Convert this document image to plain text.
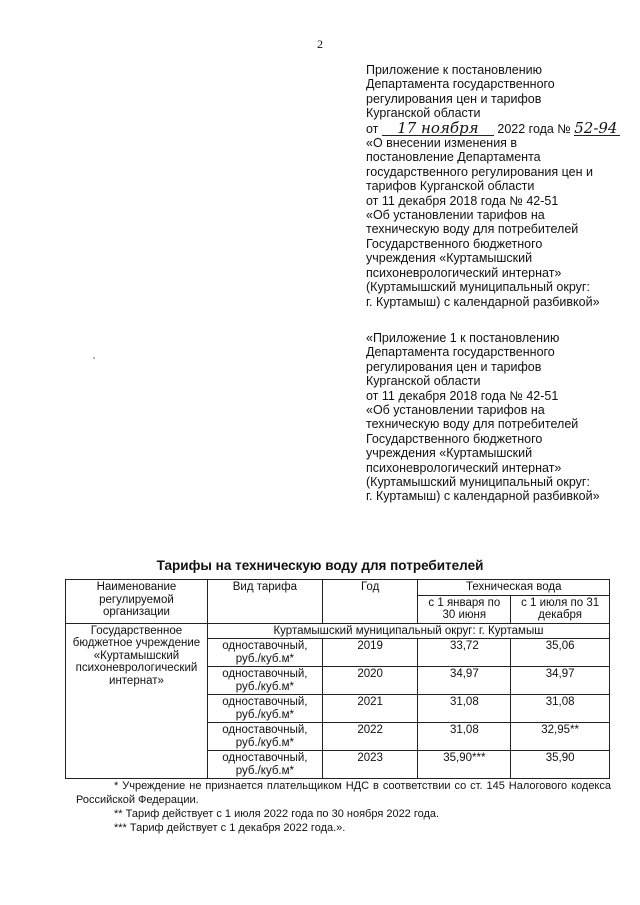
2
Приложение к постановлению
Департамента государственного
регулирования цен и тарифов
Курганской области
от 17 ноября 2022 года № 52-94
«О внесении изменения в
постановление Департамента
государственного регулирования цен и
тарифов Курганской области
от 11 декабря 2018 года № 42-51
«Об установлении тарифов на
техническую воду для потребителей
Государственного бюджетного
учреждения «Куртамышский
психоневрологический интернат»
(Куртамышский муниципальный округ:
г. Куртамыш) с календарной разбивкой»
«Приложение 1 к постановлению
Департамента государственного
регулирования цен и тарифов
Курганской области
от 11 декабря 2018 года № 42-51
«Об установлении тарифов на
техническую воду для потребителей
Государственного бюджетного
учреждения «Куртамышский
психоневрологический интернат»
(Куртамышский муниципальный округ:
г. Куртамыш) с календарной разбивкой»
Тарифы на техническую воду для потребителей
Наименование регулируемой организации	Вид тарифа	Год	Техническая вода	
			с 1 января по 30 июня	с 1 июля по 31 декабря
Государственное бюджетное учреждение «Куртамышский психоневрологический интернат»	Куртамышский муниципальный округ: г. Куртамыш			
	одноставочный, руб./куб.м*	2019	33,72	35,06
	одноставочный, руб./куб.м*	2020	34,97	34,97
	одноставочный, руб./куб.м*	2021	31,08	31,08
	одноставочный, руб./куб.м*	2022	31,08	32,95**
	одноставочный, руб./куб.м*	2023	35,90***	35,90
* Учреждение не признается плательщиком НДС в соответствии со ст. 145 Налогового кодекса Российской Федерации.
** Тариф действует с 1 июля 2022 года по 30 ноября 2022 года.
*** Тариф действует с 1 декабря 2022 года.».
